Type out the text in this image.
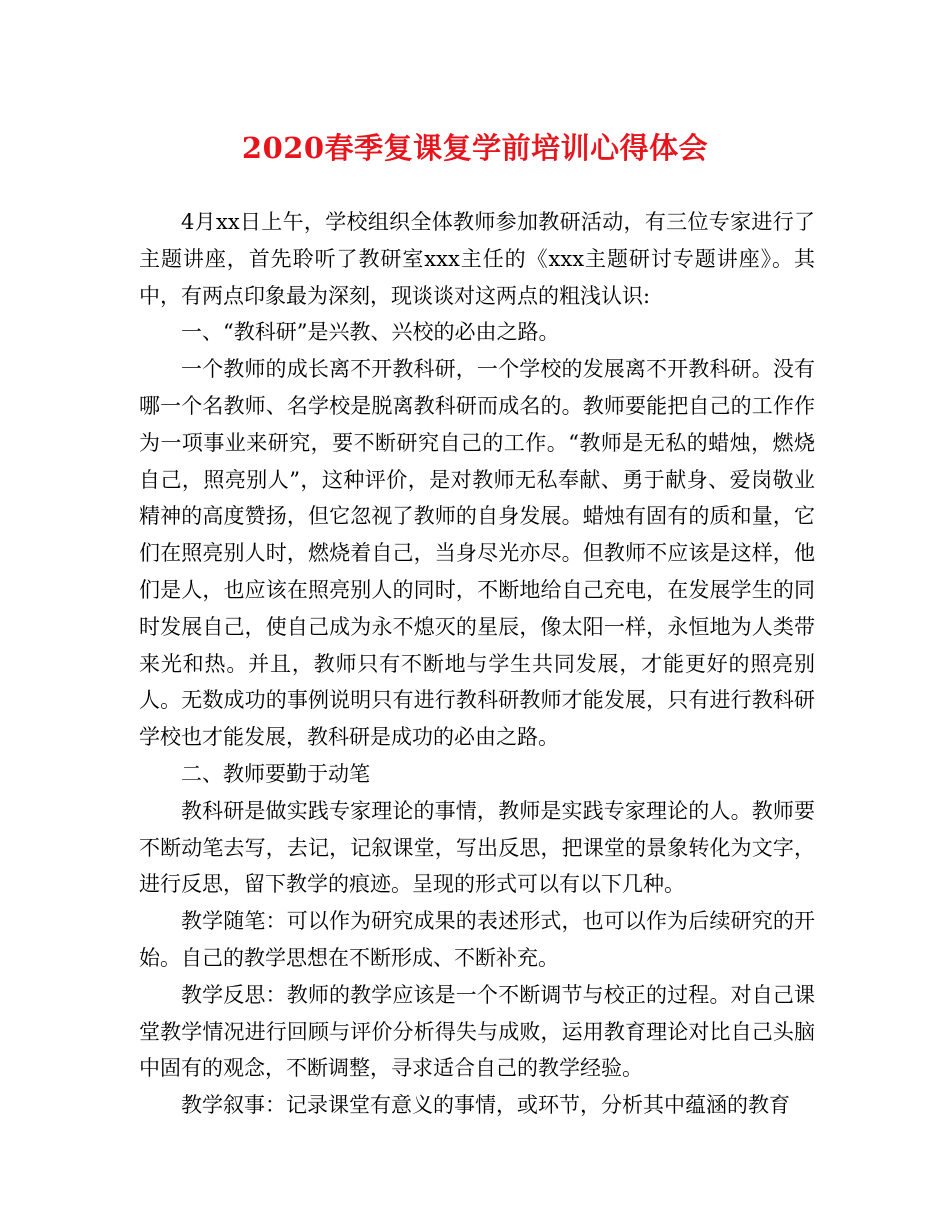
2020春季复课复学前培训心得体会

4月xx日上午，学校组织全体教师参加教研活动，有三位专家进行了主题讲座，首先聆听了教研室xxx主任的《xxx主题研讨专题讲座》。其中，有两点印象最为深刻，现谈谈对这两点的粗浅认识:

一、“教科研”是兴教、兴校的必由之路。

一个教师的成长离不开教科研，一个学校的发展离不开教科研。没有哪一个名教师、名学校是脱离教科研而成名的。教师要能把自己的工作作为一项事业来研究，要不断研究自己的工作。“教师是无私的蜡烛，燃烧自己，照亮别人”，这种评价，是对教师无私奉献、勇于献身、爱岗敬业精神的高度赞扬，但它忽视了教师的自身发展。蜡烛有固有的质和量，它们在照亮别人时，燃烧着自己，当身尽光亦尽。但教师不应该是这样，他们是人，也应该在照亮别人的同时，不断地给自己充电，在发展学生的同时发展自己，使自己成为永不熄灭的星辰，像太阳一样，永恒地为人类带来光和热。并且，教师只有不断地与学生共同发展，才能更好的照亮别人。无数成功的事例说明只有进行教科研教师才能发展，只有进行教科研学校也才能发展，教科研是成功的必由之路。

二、教师要勤于动笔

教科研是做实践专家理论的事情，教师是实践专家理论的人。教师要不断动笔去写，去记，记叙课堂，写出反思，把课堂的景象转化为文字，进行反思，留下教学的痕迹。呈现的形式可以有以下几种。

教学随笔：可以作为研究成果的表述形式，也可以作为后续研究的开始。自己的教学思想在不断形成、不断补充。

教学反思：教师的教学应该是一个不断调节与校正的过程。对自己课堂教学情况进行回顾与评价分析得失与成败，运用教育理论对比自己头脑中固有的观念，不断调整，寻求适合自己的教学经验。

教学叙事：记录课堂有意义的事情，或环节，分析其中蕴涵的教育
